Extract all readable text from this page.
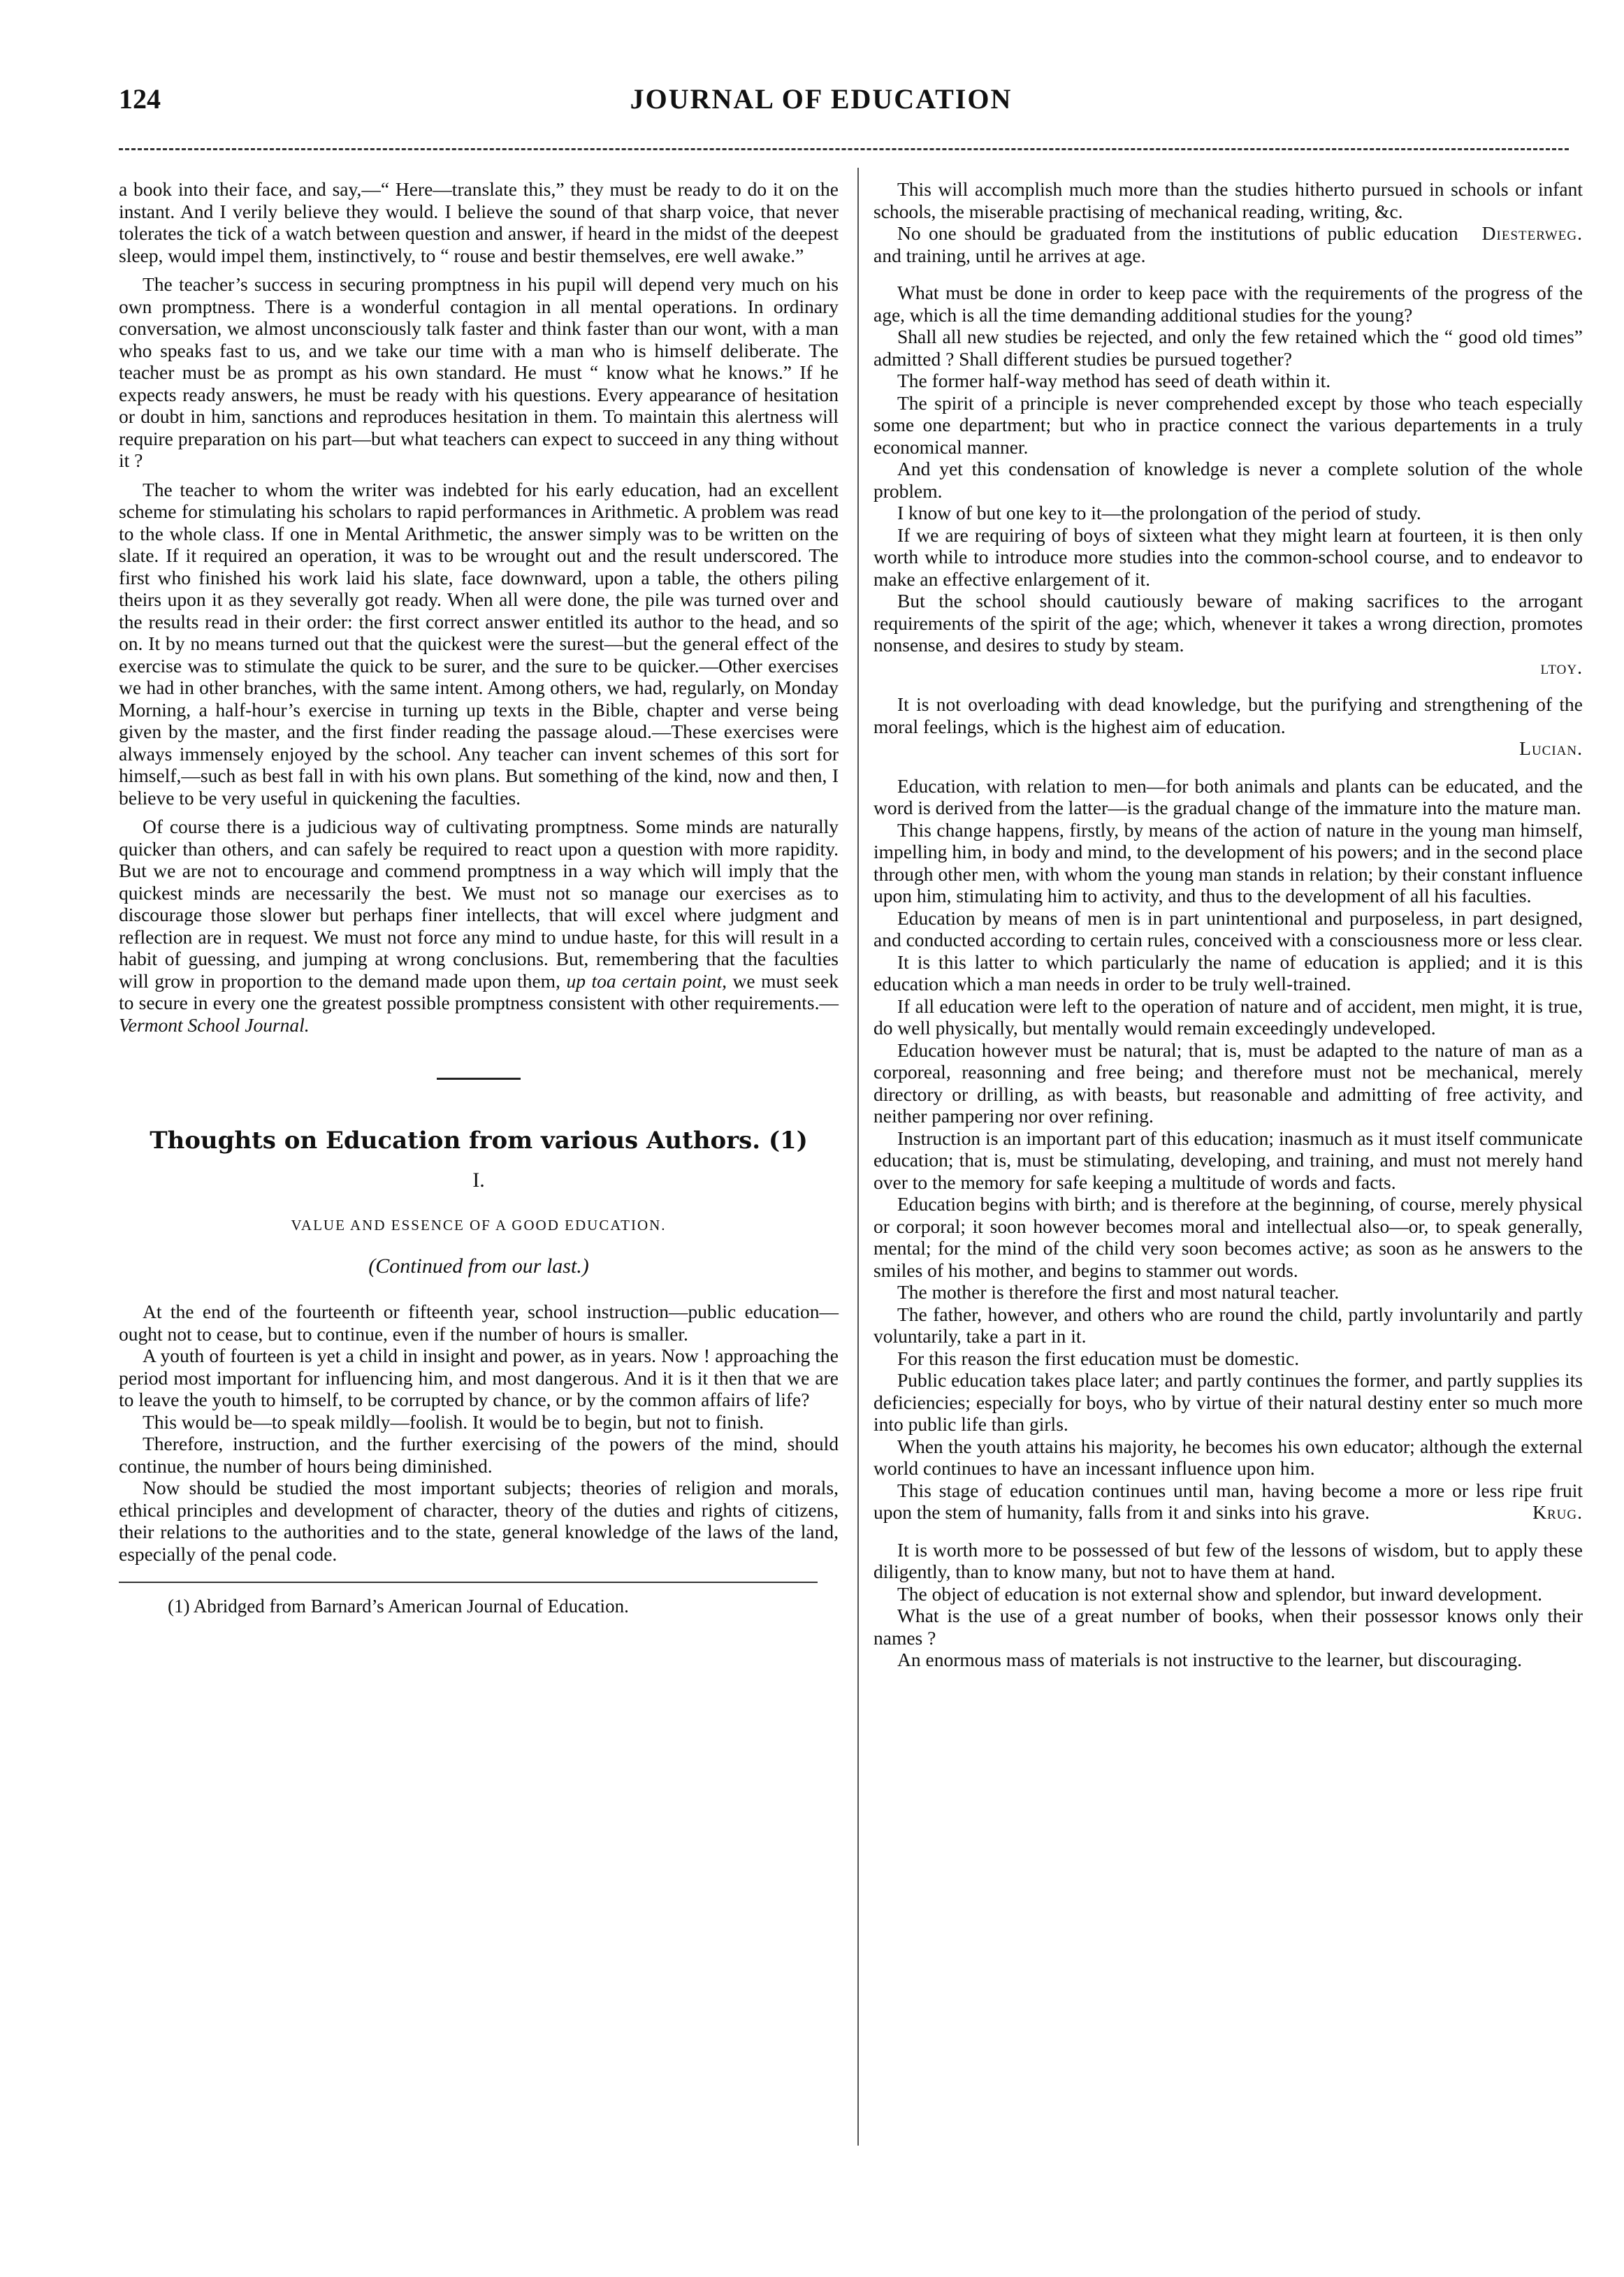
124	JOURNAL OF EDUCATION

a book into their face, and say,—“ Here—translate this,” they must be ready to do it on the instant. And I verily believe they would. I believe the sound of that sharp voice, that never tolerates the tick of a watch between question and answer, if heard in the midst of the deepest sleep, would impel them, instinctively, to “ rouse and bestir themselves, ere well awake.”

The teacher’s success in securing promptness in his pupil will depend very much on his own promptness. There is a wonderful contagion in all mental operations. In ordinary conversation, we almost unconsciously talk faster and think faster than our wont, with a man who speaks fast to us, and we take our time with a man who is himself deliberate. The teacher must be as prompt as his own standard. He must “ know what he knows.” If he expects ready answers, he must be ready with his questions. Every appearance of hesitation or doubt in him, sanctions and reproduces hesitation in them. To maintain this alertness will require preparation on his part—but what teachers can expect to succeed in any thing without it ?

The teacher to whom the writer was indebted for his early education, had an excellent scheme for stimulating his scholars to rapid performances in Arithmetic. A problem was read to the whole class. If one in Mental Arithmetic, the answer simply was to be written on the slate. If it required an operation, it was to be wrought out and the result underscored. The first who finished his work laid his slate, face downward, upon a table, the others piling theirs upon it as they severally got ready. When all were done, the pile was turned over and the results read in their order: the first correct answer entitled its author to the head, and so on. It by no means turned out that the quickest were the surest—but the general effect of the exercise was to stimulate the quick to be surer, and the sure to be quicker.—Other exercises we had in other branches, with the same intent. Among others, we had, regularly, on Monday Morning, a half-hour’s exercise in turning up texts in the Bible, chapter and verse being given by the master, and the first finder reading the passage aloud.—These exercises were always immensely enjoyed by the school. Any teacher can invent schemes of this sort for himself,—such as best fall in with his own plans. But something of the kind, now and then, I believe to be very useful in quickening the faculties.

Of course there is a judicious way of cultivating promptness. Some minds are naturally quicker than others, and can safely be required to react upon a question with more rapidity. But we are not to encourage and commend promptness in a way which will imply that the quickest minds are necessarily the best. We must not so manage our exercises as to discourage those slower but perhaps finer intellects, that will excel where judgment and reflection are in request. We must not force any mind to undue haste, for this will result in a habit of guessing, and jumping at wrong conclusions. But, remembering that the faculties will grow in proportion to the demand made upon them, up toa certain point, we must seek to secure in every one the greatest possible promptness consistent with other requirements.—Vermont School Journal.

Thoughts on Education from various Authors. (1)
I.
VALUE AND ESSENCE OF A GOOD EDUCATION.
(Continued from our last.)

At the end of the fourteenth or fifteenth year, school instruction—public education—ought not to cease, but to continue, even if the number of hours is smaller.

A youth of fourteen is yet a child in insight and power, as in years. Now ! approaching the period most important for influencing him, and most dangerous. And it is it then that we are to leave the youth to himself, to be corrupted by chance, or by the common affairs of life?

This would be—to speak mildly—foolish. It would be to begin, but not to finish.

Therefore, instruction, and the further exercising of the powers of the mind, should continue, the number of hours being diminished.

Now should be studied the most important subjects; theories of religion and morals, ethical principles and development of character, theory of the duties and rights of citizens, their relations to the authorities and to the state, general knowledge of the laws of the land, especially of the penal code.

(1) Abridged from Barnard’s American Journal of Education.

This will accomplish much more than the studies hitherto pursued in schools or infant schools, the miserable practising of mechanical reading, writing, &c.

Diesterweg.
No one should be graduated from the institutions of public education and training, until he arrives at age.

What must be done in order to keep pace with the requirements of the progress of the age, which is all the time demanding additional studies for the young?

Shall all new studies be rejected, and only the few retained which the “ good old times” admitted ? Shall different studies be pursued together?

The former half-way method has seed of death within it.

The spirit of a principle is never comprehended except by those who teach especially some one department; but who in practice connect the various departements in a truly economical manner.

And yet this condensation of knowledge is never a complete solution of the whole problem.

I know of but one key to it—the prolongation of the period of study.

If we are requiring of boys of sixteen what they might learn at fourteen, it is then only worth while to introduce more studies into the common-school course, and to endeavor to make an effective enlargement of it.

But the school should cautiously beware of making sacrifices to the arrogant requirements of the spirit of the age; which, whenever it takes a wrong direction, promotes nonsense, and desires to study by steam.

ltoy.

It is not overloading with dead knowledge, but the purifying and strengthening of the moral feelings, which is the highest aim of education.

Lucian.

Education, with relation to men—for both animals and plants can be educated, and the word is derived from the latter—is the gradual change of the immature into the mature man.

This change happens, firstly, by means of the action of nature in the young man himself, impelling him, in body and mind, to the development of his powers; and in the second place through other men, with whom the young man stands in relation; by their constant influence upon him, stimulating him to activity, and thus to the development of all his faculties.

Education by means of men is in part unintentional and purposeless, in part designed, and conducted according to certain rules, conceived with a consciousness more or less clear.

It is this latter to which particularly the name of education is applied; and it is this education which a man needs in order to be truly well-trained.

If all education were left to the operation of nature and of accident, men might, it is true, do well physically, but mentally would remain exceedingly undeveloped.

Education however must be natural; that is, must be adapted to the nature of man as a corporeal, reasonning and free being; and therefore must not be mechanical, merely directory or drilling, as with beasts, but reasonable and admitting of free activity, and neither pampering nor over refining.

Instruction is an important part of this education; inasmuch as it must itself communicate education; that is, must be stimulating, developing, and training, and must not merely hand over to the memory for safe keeping a multitude of words and facts.

Education begins with birth; and is therefore at the beginning, of course, merely physical or corporal; it soon however becomes moral and intellectual also—or, to speak generally, mental; for the mind of the child very soon becomes active; as soon as he answers to the smiles of his mother, and begins to stammer out words.

The mother is therefore the first and most natural teacher.

The father, however, and others who are round the child, partly involuntarily and partly voluntarily, take a part in it.

For this reason the first education must be domestic.

Public education takes place later; and partly continues the former, and partly supplies its deficiencies; especially for boys, who by virtue of their natural destiny enter so much more into public life than girls.

When the youth attains his majority, he becomes his own educator; although the external world continues to have an incessant influence upon him.

This stage of education continues until man, having become a more or less ripe fruit upon the stem of humanity, falls from it and sinks into his grave.	Krug.

It is worth more to be possessed of but few of the lessons of wisdom, but to apply these diligently, than to know many, but not to have them at hand.

The object of education is not external show and splendor, but inward development.

What is the use of a great number of books, when their possessor knows only their names ?

An enormous mass of materials is not instructive to the learner, but discouraging.
